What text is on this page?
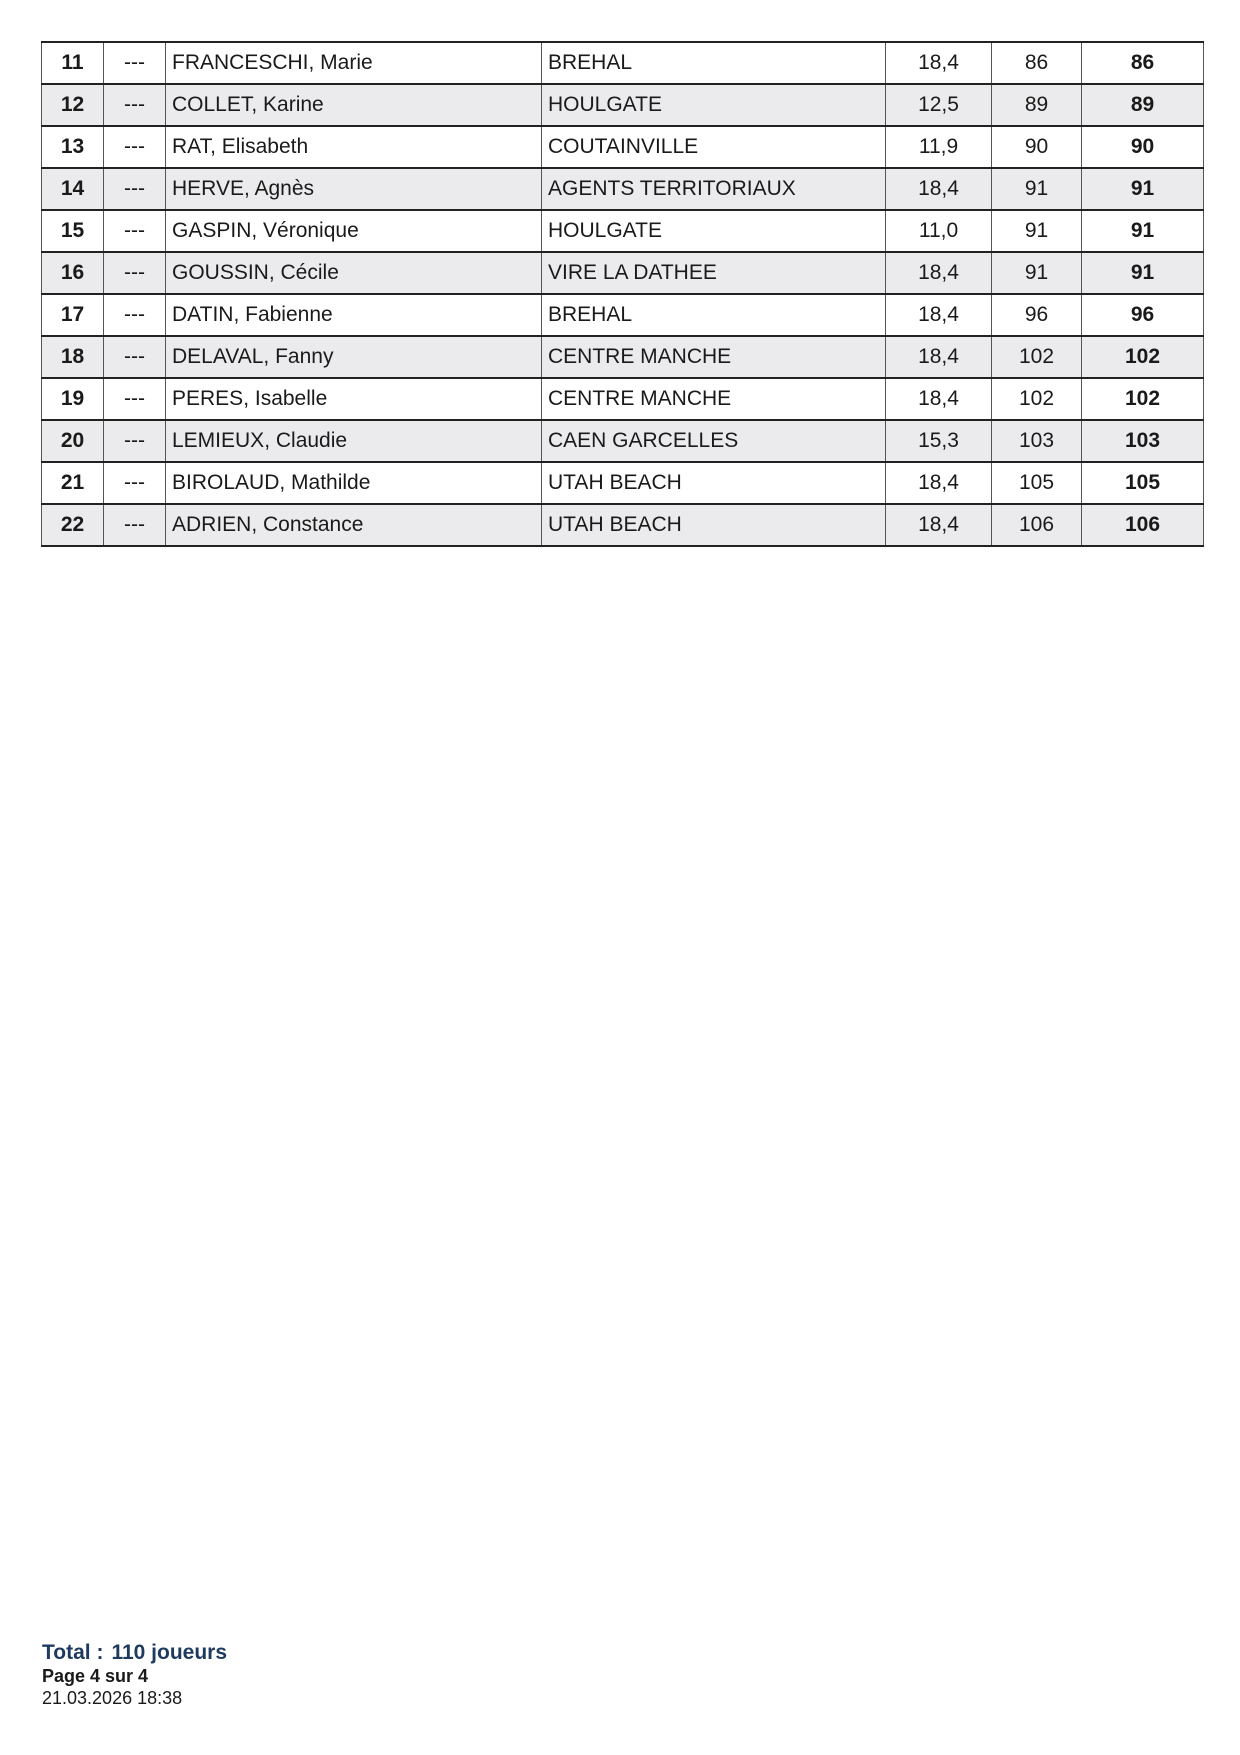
11	---	FRANCESCHI, Marie	BREHAL	18,4	86	86
12	---	COLLET, Karine	HOULGATE	12,5	89	89
13	---	RAT, Elisabeth	COUTAINVILLE	11,9	90	90
14	---	HERVE, Agnès	AGENTS TERRITORIAUX	18,4	91	91
15	---	GASPIN, Véronique	HOULGATE	11,0	91	91
16	---	GOUSSIN, Cécile	VIRE LA DATHEE	18,4	91	91
17	---	DATIN, Fabienne	BREHAL	18,4	96	96
18	---	DELAVAL, Fanny	CENTRE MANCHE	18,4	102	102
19	---	PERES, Isabelle	CENTRE MANCHE	18,4	102	102
20	---	LEMIEUX, Claudie	CAEN GARCELLES	15,3	103	103
21	---	BIROLAUD, Mathilde	UTAH BEACH	18,4	105	105
22	---	ADRIEN, Constance	UTAH BEACH	18,4	106	106
Total : 110 joueurs
Page 4 sur 4
21.03.2026 18:38
